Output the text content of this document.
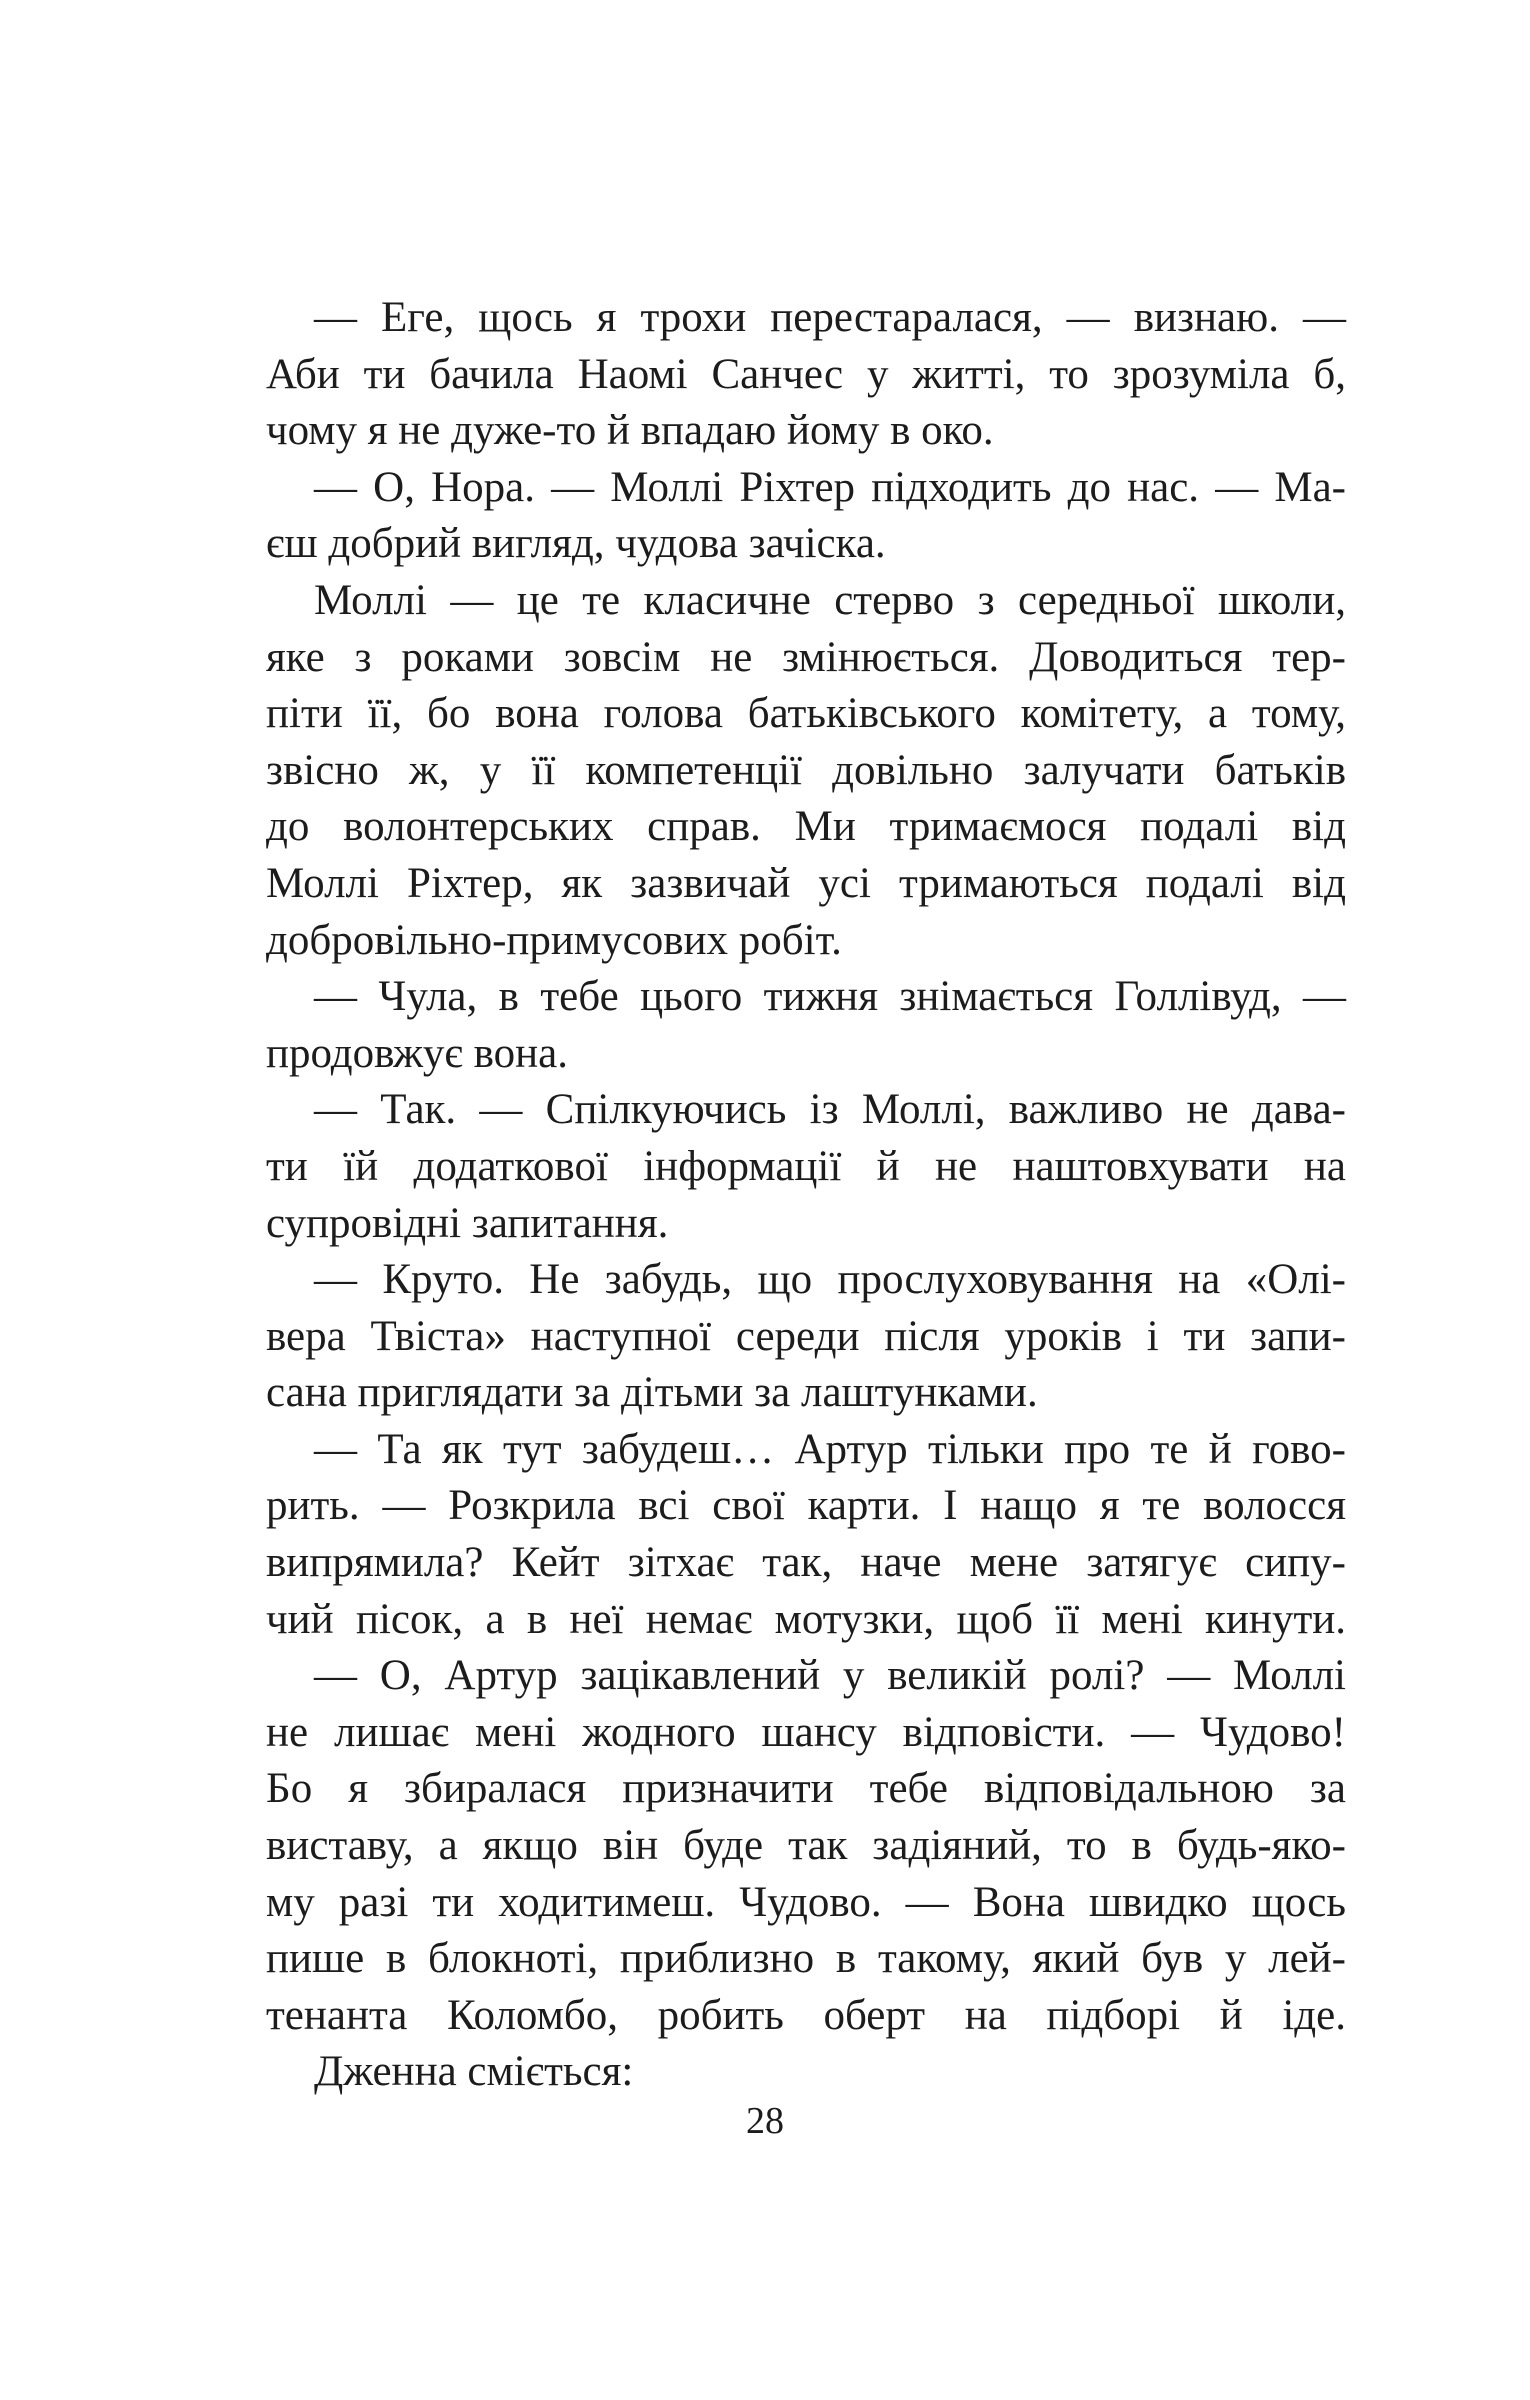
— Еге, щось я трохи перестаралася, — визнаю. —
Аби ти бачила Наомі Санчес у житті, то зрозуміла б,
чому я не дуже-то й впадаю йому в око.
— О, Нора. — Моллі Ріхтер підходить до нас. — Ма-
єш добрий вигляд, чудова зачіска.
Моллі — це те класичне стерво з середньої школи,
яке з роками зовсім не змінюється. Доводиться тер-
піти її, бо вона голова батьківського комітету, а тому,
звісно ж, у її компетенції довільно залучати батьків
до волонтерських справ. Ми тримаємося подалі від
Моллі Ріхтер, як зазвичай усі тримаються подалі від
добровільно-примусових робіт.
— Чула, в тебе цього тижня знімається Голлівуд, —
продовжує вона.
— Так. — Спілкуючись із Моллі, важливо не дава-
ти їй додаткової інформації й не наштовхувати на
супровідні запитання.
— Круто. Не забудь, що прослуховування на «Олі-
вера Твіста» наступної середи після уроків і ти запи-
сана приглядати за дітьми за лаштунками.
— Та як тут забудеш… Артур тільки про те й гово-
рить. — Розкрила всі свої карти. І нащо я те волосся
випрямила? Кейт зітхає так, наче мене затягує сипу-
чий пісок, а в неї немає мотузки, щоб її мені кинути.
— О, Артур зацікавлений у великій ролі? — Моллі
не лишає мені жодного шансу відповісти. — Чудово!
Бо я збиралася призначити тебе відповідальною за
виставу, а якщо він буде так задіяний, то в будь-яко-
му разі ти ходитимеш. Чудово. — Вона швидко щось
пише в блокноті, приблизно в такому, який був у лей-
тенанта Коломбо, робить оберт на підборі й іде.
Дженна сміється:
28
